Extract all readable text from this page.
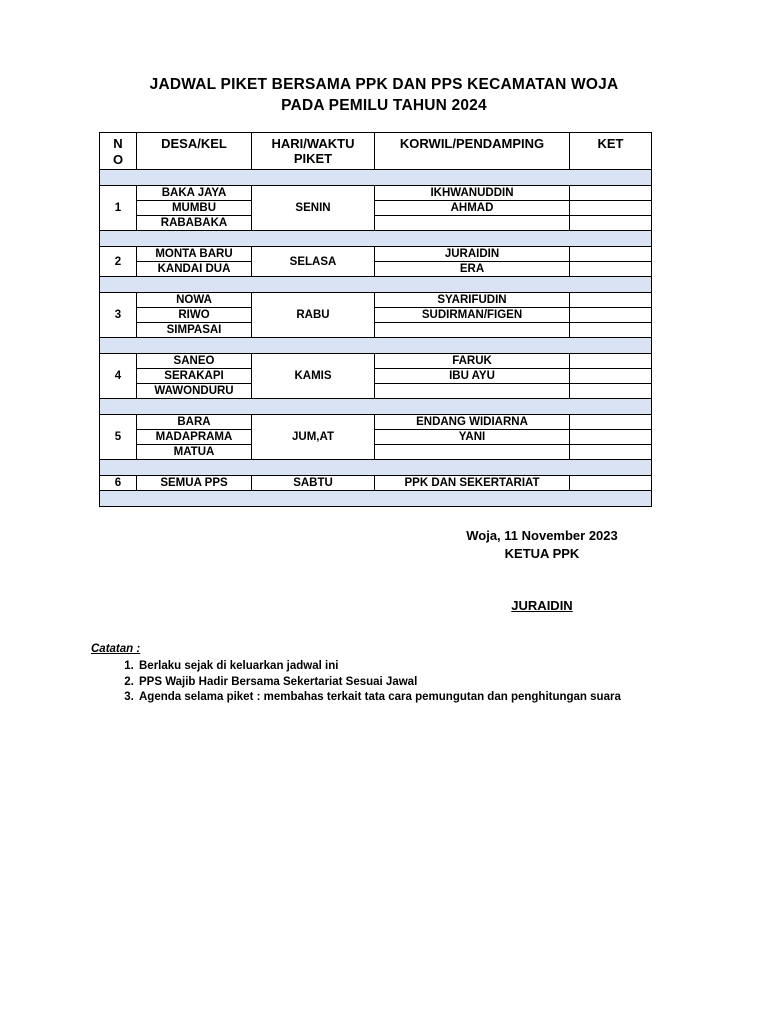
JADWAL PIKET BERSAMA PPK DAN PPS KECAMATAN WOJA
PADA PEMILU TAHUN 2024
N
O	DESA/KEL	HARI/WAKTU
PIKET	KORWIL/PENDAMPING	KET

1	BAKA JAYA	SENIN	IKHWANUDDIN	
	MUMBU		AHMAD	
	RABABAKA			

2	MONTA BARU	SELASA	JURAIDIN	
	KANDAI DUA		ERA	

3	NOWA	RABU	SYARIFUDIN	
	RIWO		SUDIRMAN/FIGEN	
	SIMPASAI			

4	SANEO	KAMIS	FARUK	
	SERAKAPI		IBU AYU	
	WAWONDURU			

5	BARA	JUM,AT	ENDANG WIDIARNA	
	MADAPRAMA		YANI	
	MATUA			

6	SEMUA PPS	SABTU	PPK DAN SEKERTARIAT	

Woja, 11 November 2023
KETUA PPK
JURAIDIN
Catatan :
1. Berlaku sejak di keluarkan jadwal ini
2. PPS Wajib Hadir Bersama Sekertariat Sesuai Jawal
3. Agenda selama piket : membahas terkait tata cara pemungutan dan penghitungan suara
